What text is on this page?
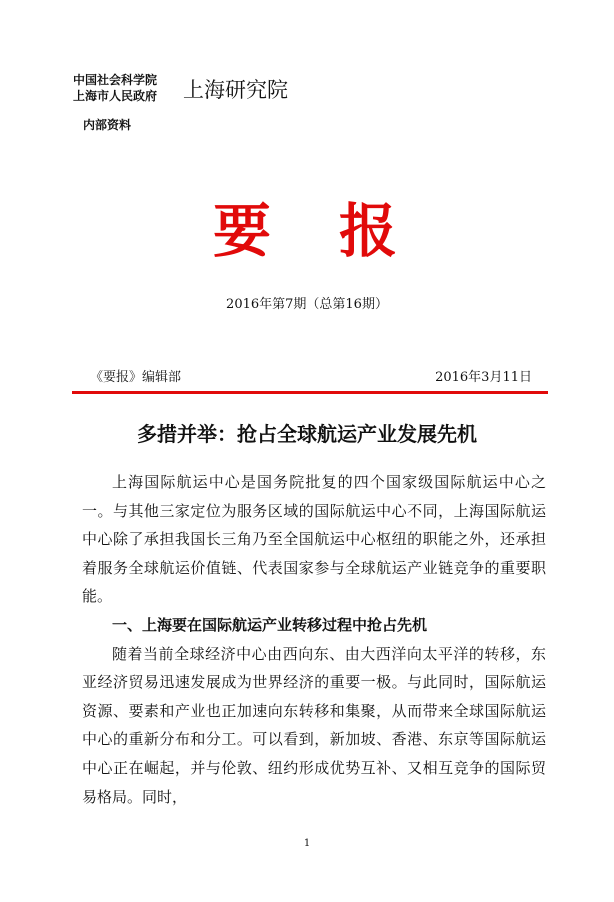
中国社会科学院
上海市人民政府 上海研究院
内部资料
要 报
2016年第7期（总第16期）
《要报》编辑部	2016年3月11日
多措并举：抢占全球航运产业发展先机

上海国际航运中心是国务院批复的四个国家级国际航运中心之一。与其他三家定位为服务区域的国际航运中心不同，上海国际航运中心除了承担我国长三角乃至全国航运中心枢纽的职能之外，还承担着服务全球航运价值链、代表国家参与全球航运产业链竞争的重要职能。

一、上海要在国际航运产业转移过程中抢占先机

随着当前全球经济中心由西向东、由大西洋向太平洋的转移，东亚经济贸易迅速发展成为世界经济的重要一极。与此同时，国际航运资源、要素和产业也正加速向东转移和集聚，从而带来全球国际航运中心的重新分布和分工。可以看到，新加坡、香港、东京等国际航运中心正在崛起，并与伦敦、纽约形成优势互补、又相互竞争的国际贸易格局。同时，

1
